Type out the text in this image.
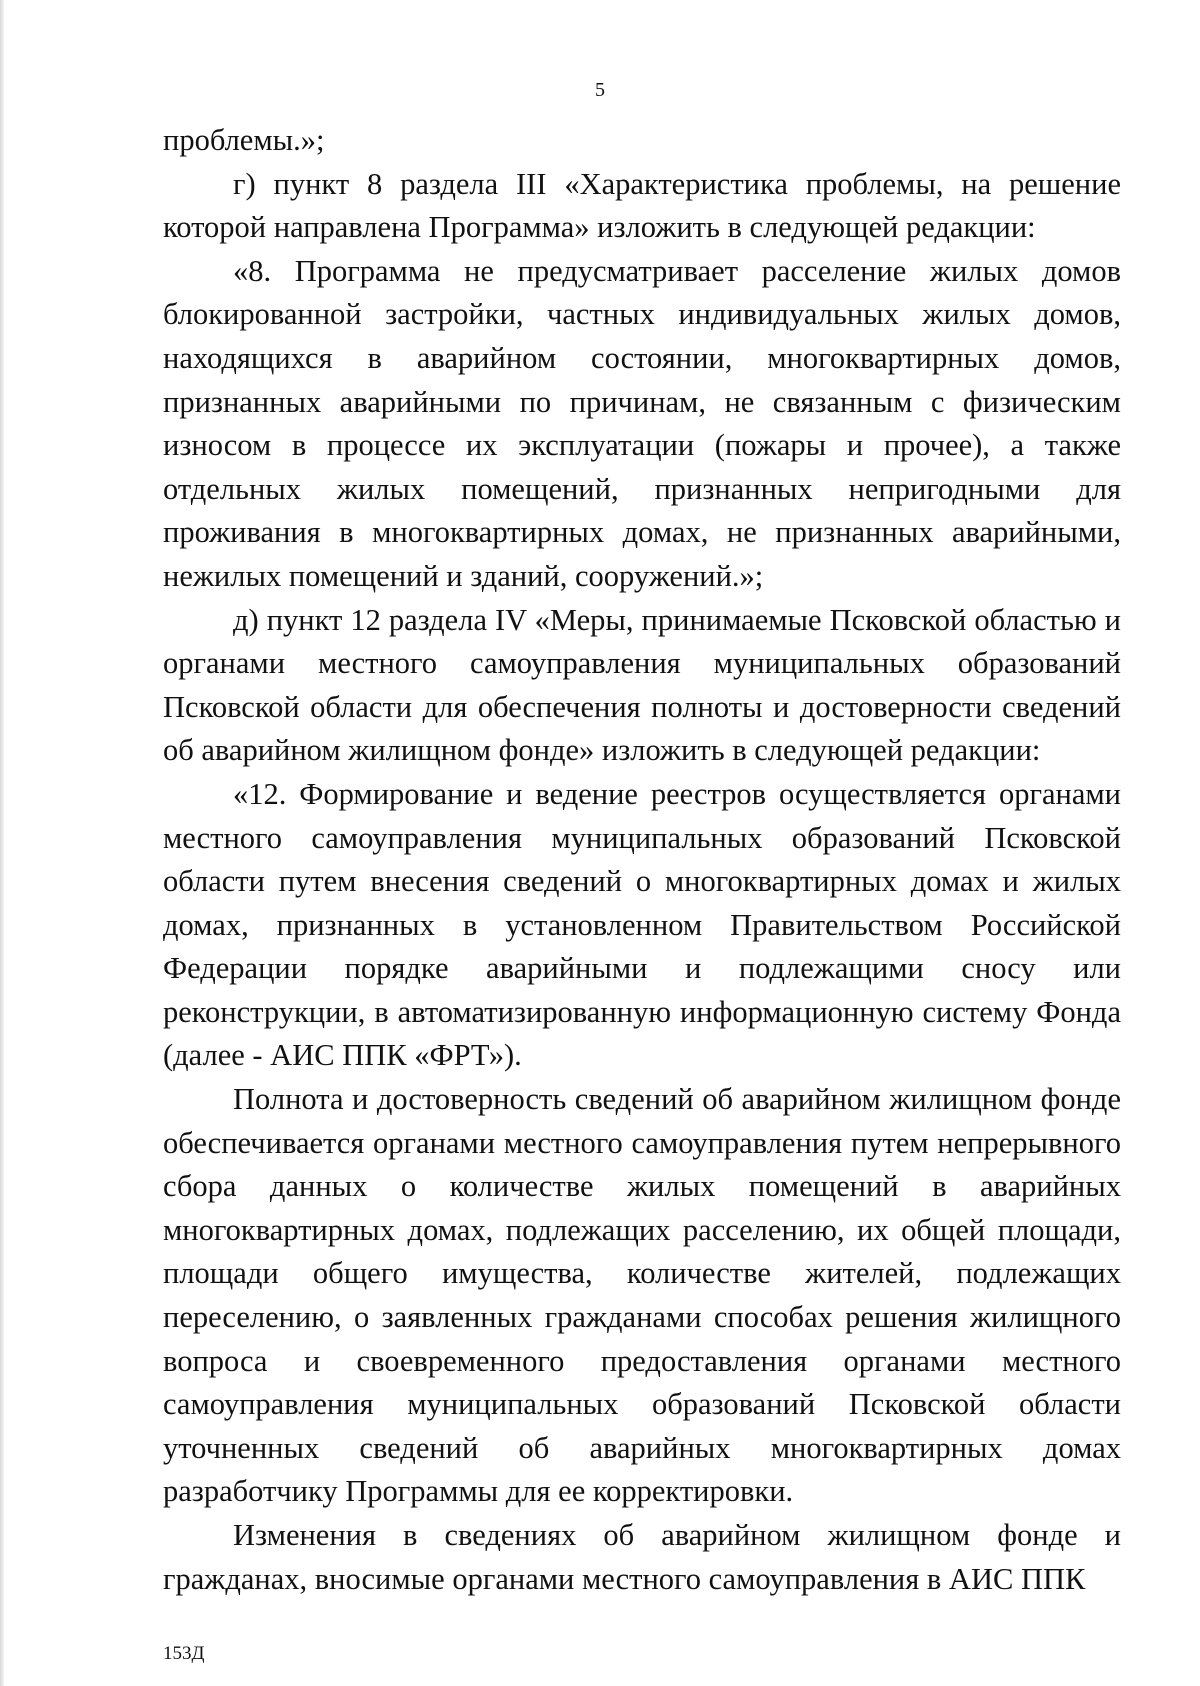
5

проблемы.»;

г) пункт 8 раздела III «Характеристика проблемы, на решение которой направлена Программа» изложить в следующей редакции:

«8. Программа не предусматривает расселение жилых домов блокированной застройки, частных индивидуальных жилых домов, находящихся в аварийном состоянии, многоквартирных домов, признанных аварийными по причинам, не связанным с физическим износом в процессе их эксплуатации (пожары и прочее), а также отдельных жилых помещений, признанных непригодными для проживания в многоквартирных домах, не признанных аварийными, нежилых помещений и зданий, сооружений.»;

д) пункт 12 раздела IV «Меры, принимаемые Псковской областью и органами местного самоуправления муниципальных образований Псковской области для обеспечения полноты и достоверности сведений об аварийном жилищном фонде» изложить в следующей редакции:

«12. Формирование и ведение реестров осуществляется органами местного самоуправления муниципальных образований Псковской области путем внесения сведений о многоквартирных домах и жилых домах, признанных в установленном Правительством Российской Федерации порядке аварийными и подлежащими сносу или реконструкции, в автоматизированную информационную систему Фонда (далее - АИС ППК «ФРТ»).

Полнота и достоверность сведений об аварийном жилищном фонде обеспечивается органами местного самоуправления путем непрерывного сбора данных о количестве жилых помещений в аварийных многоквартирных домах, подлежащих расселению, их общей площади, площади общего имущества, количестве жителей, подлежащих переселению, о заявленных гражданами способах решения жилищного вопроса и своевременного предоставления органами местного самоуправления муниципальных образований Псковской области уточненных сведений об аварийных многоквартирных домах разработчику Программы для ее корректировки.

Изменения в сведениях об аварийном жилищном фонде и гражданах, вносимые органами местного самоуправления в АИС ППК

153Д
